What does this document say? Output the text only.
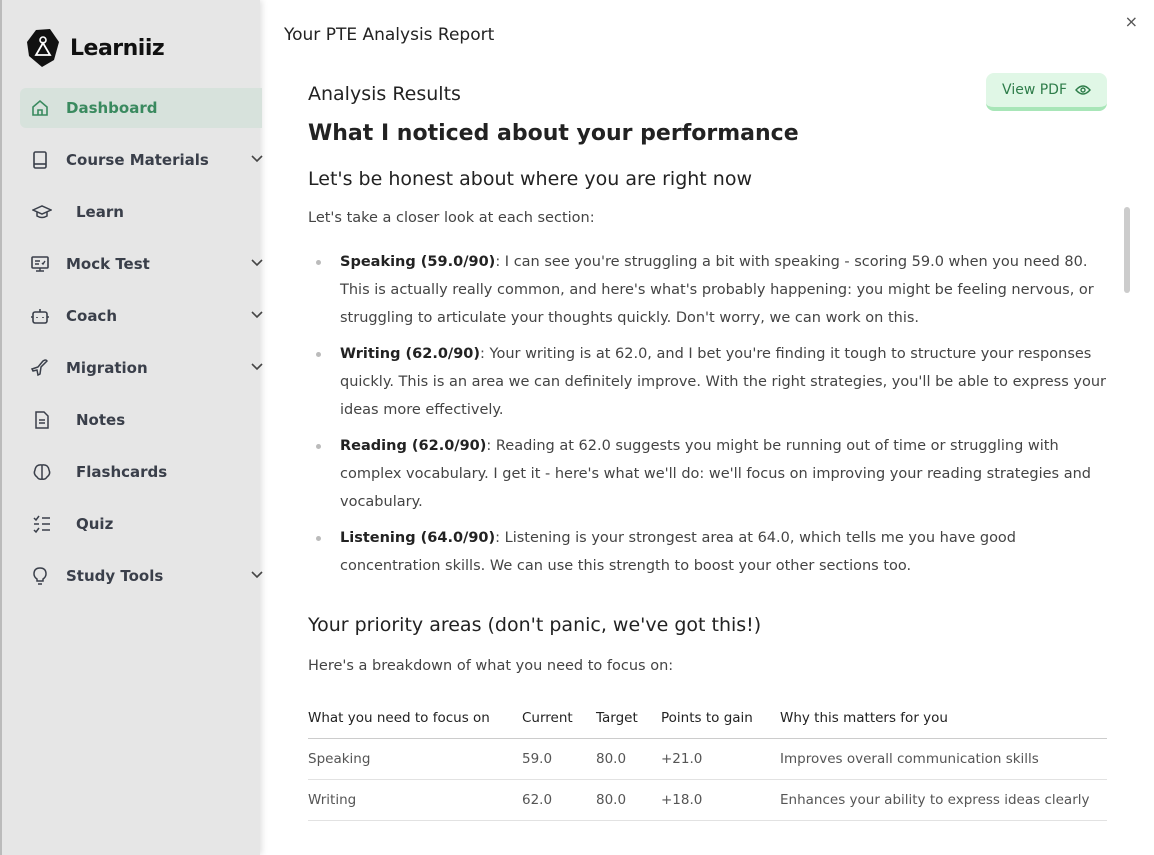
Learniiz
Dashboard
Course Materials
Learn
Mock Test
Coach
Migration
Notes
Flashcards
Quiz
Study Tools
Your PTE Analysis Report
×
Analysis Results	View PDF
What I noticed about your performance
Let's be honest about where you are right now

Let's take a closer look at each section:

Speaking (59.0/90): I can see you're struggling a bit with speaking - scoring 59.0 when you need 80. This is actually really common, and here's what's probably happening: you might be feeling nervous, or struggling to articulate your thoughts quickly. Don't worry, we can work on this.
Writing (62.0/90): Your writing is at 62.0, and I bet you're finding it tough to structure your responses quickly. This is an area we can definitely improve. With the right strategies, you'll be able to express your ideas more effectively.
Reading (62.0/90): Reading at 62.0 suggests you might be running out of time or struggling with complex vocabulary. I get it - here's what we'll do: we'll focus on improving your reading strategies and vocabulary.
Listening (64.0/90): Listening is your strongest area at 64.0, which tells me you have good concentration skills. We can use this strength to boost your other sections too.
Your priority areas (don't panic, we've got this!)

Here's a breakdown of what you need to focus on:

What you need to focus on	Current	Target	Points to gain	Why this matters for you
Speaking	59.0	80.0	+21.0	Improves overall communication skills
Writing	62.0	80.0	+18.0	Enhances your ability to express ideas clearly
